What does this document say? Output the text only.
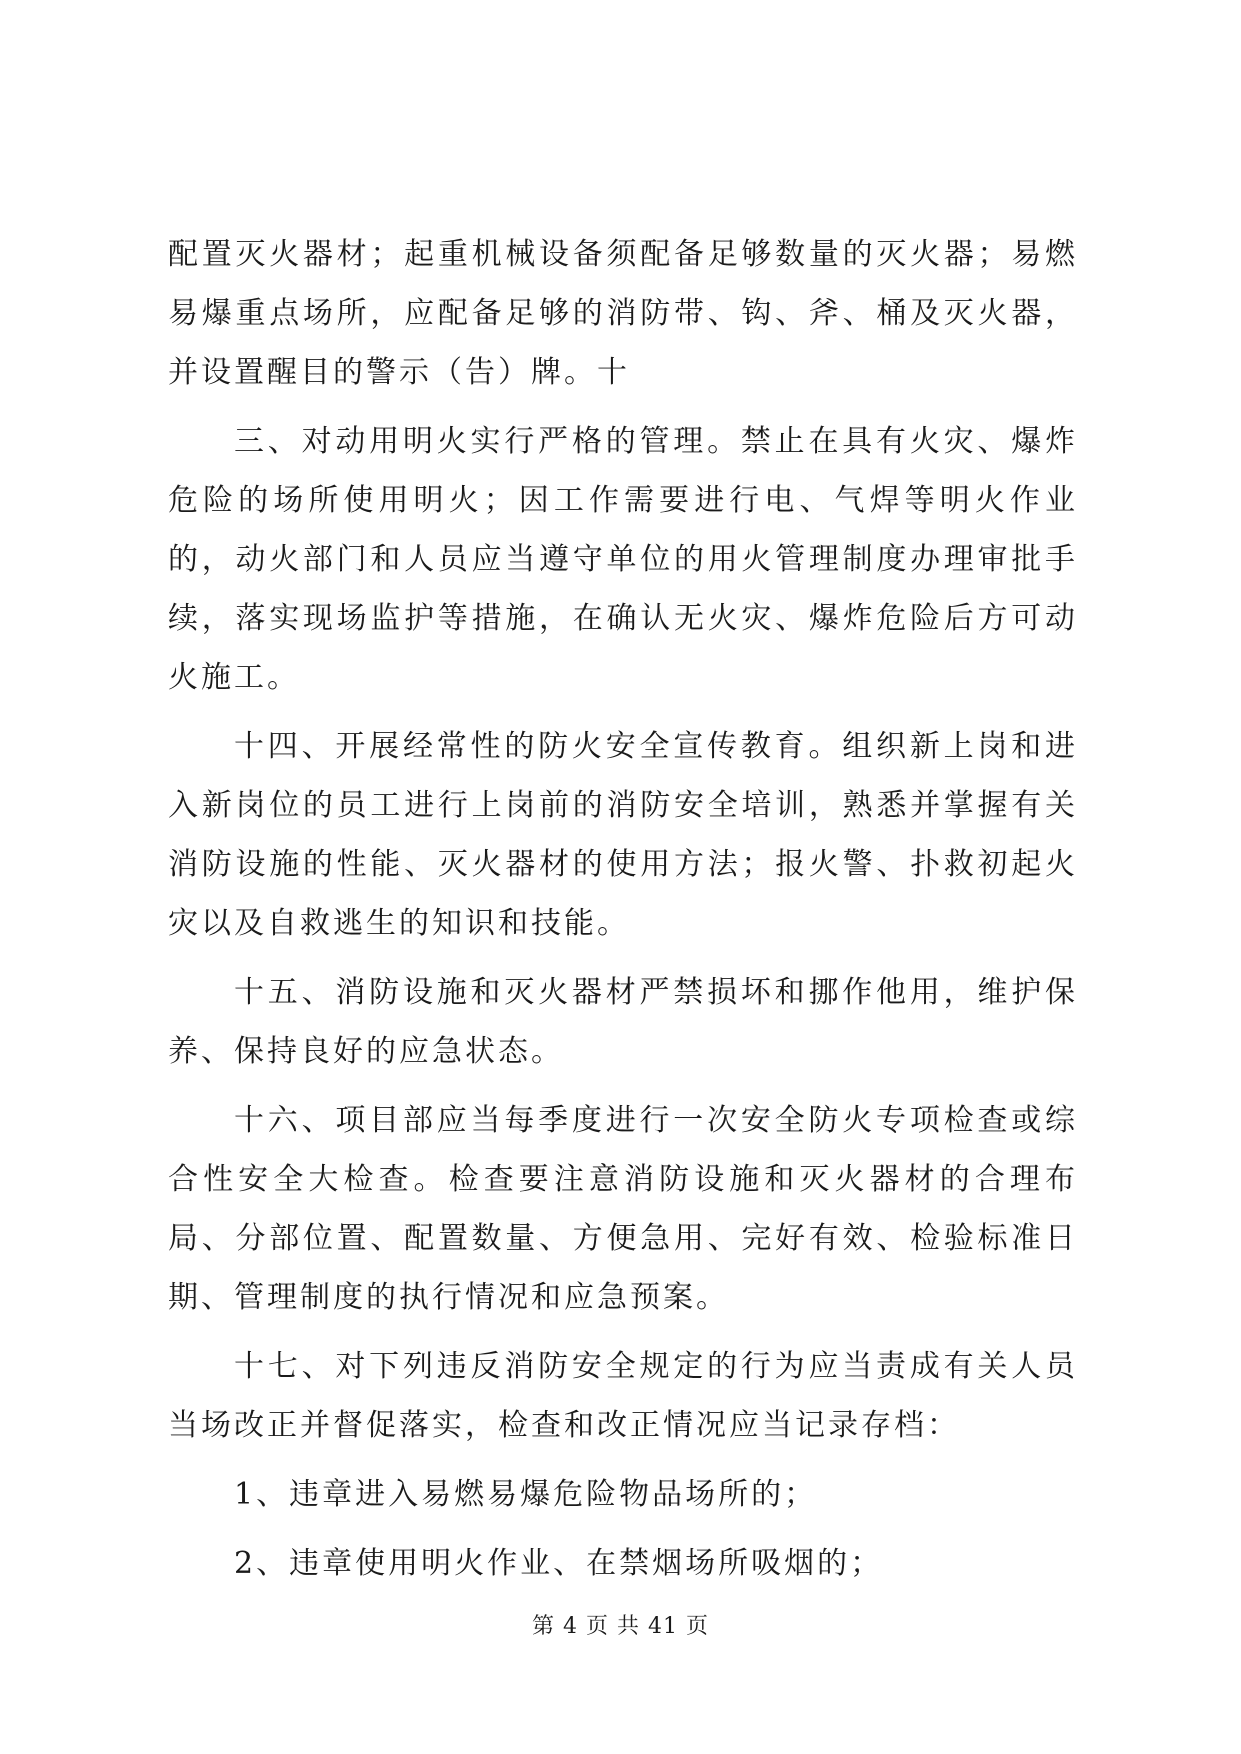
配置灭火器材；起重机械设备须配备足够数量的灭火器；易燃易爆重点场所，应配备足够的消防带、钩、斧、桶及灭火器，并设置醒目的警示（告）牌。十

三、对动用明火实行严格的管理。禁止在具有火灾、爆炸危险的场所使用明火；因工作需要进行电、气焊等明火作业的，动火部门和人员应当遵守单位的用火管理制度办理审批手续，落实现场监护等措施，在确认无火灾、爆炸危险后方可动火施工。

十四、开展经常性的防火安全宣传教育。组织新上岗和进入新岗位的员工进行上岗前的消防安全培训，熟悉并掌握有关消防设施的性能、灭火器材的使用方法；报火警、扑救初起火灾以及自救逃生的知识和技能。

十五、消防设施和灭火器材严禁损坏和挪作他用，维护保养、保持良好的应急状态。

十六、项目部应当每季度进行一次安全防火专项检查或综合性安全大检查。检查要注意消防设施和灭火器材的合理布局、分部位置、配置数量、方便急用、完好有效、检验标准日期、管理制度的执行情况和应急预案。

十七、对下列违反消防安全规定的行为应当责成有关人员当场改正并督促落实，检查和改正情况应当记录存档：

1、违章进入易燃易爆危险物品场所的；

2、违章使用明火作业、在禁烟场所吸烟的；

第 4 页 共 41 页
